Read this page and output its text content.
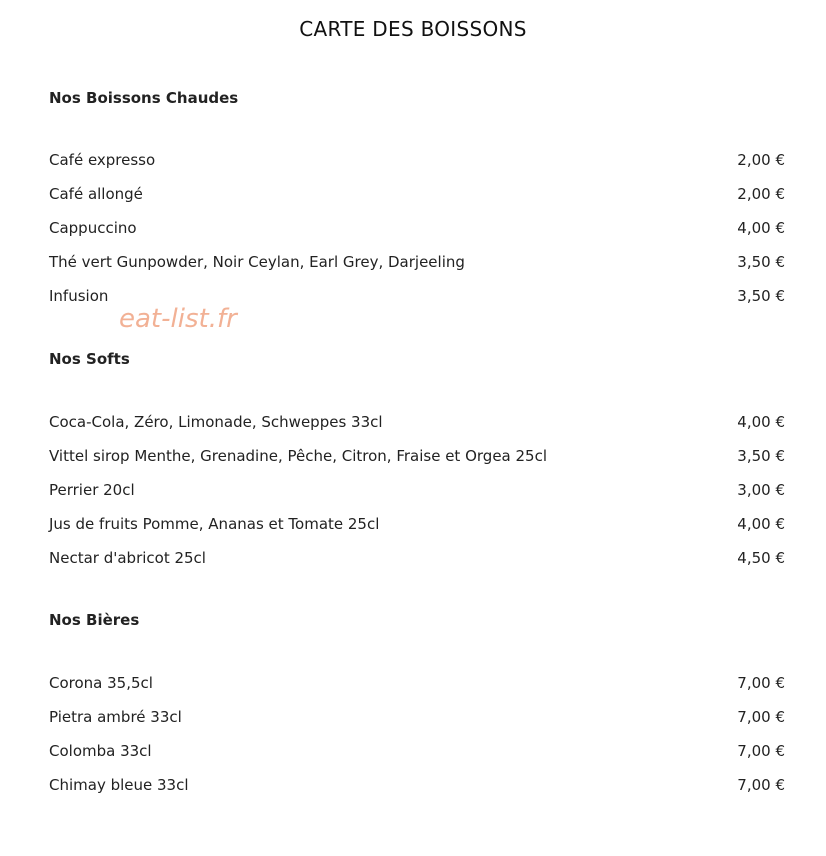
CARTE DES BOISSONS
Nos Boissons Chaudes
Café expresso	2,00 €
Café allongé	2,00 €
Cappuccino	4,00 €
Thé vert Gunpowder, Noir Ceylan, Earl Grey, Darjeeling	3,50 €
Infusion	3,50 €
eat-list.fr
Nos Softs
Coca-Cola, Zéro, Limonade, Schweppes 33cl	4,00 €
Vittel sirop Menthe, Grenadine, Pêche, Citron, Fraise et Orgea 25cl	3,50 €
Perrier 20cl	3,00 €
Jus de fruits Pomme, Ananas et Tomate 25cl	4,00 €
Nectar d'abricot 25cl	4,50 €
Nos Bières
Corona 35,5cl	7,00 €
Pietra ambré 33cl	7,00 €
Colomba 33cl	7,00 €
Chimay bleue 33cl	7,00 €
